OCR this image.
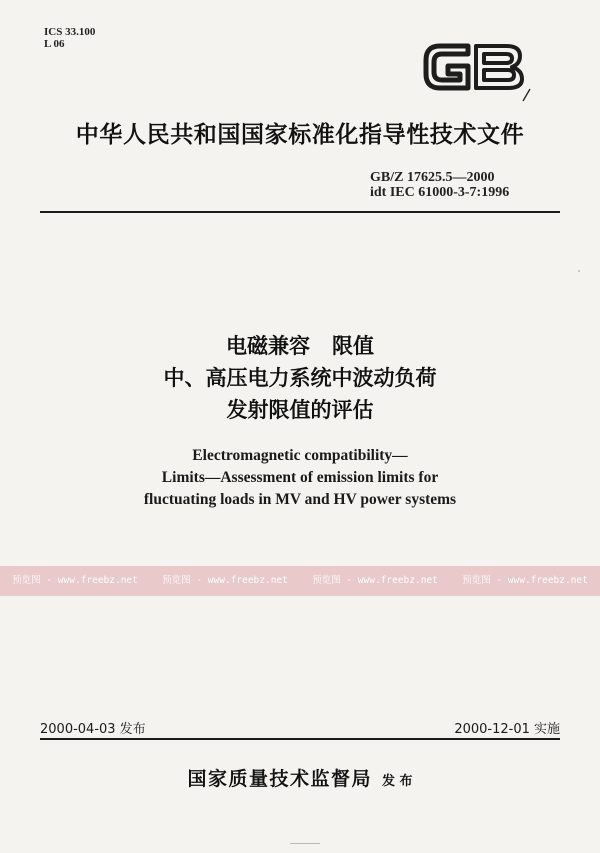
ICS 33.100
L 06
中华人民共和国国家标准化指导性技术文件
GB/Z 17625.5—2000
idt IEC 61000-3-7:1996
电磁兼容   限值
中、高压电力系统中波动负荷
发射限值的评估
Electromagnetic compatibility—
Limits—Assessment of emission limits for
fluctuating loads in MV and HV power systems
预览图 - www.freebz.net	预览图 - www.freebz.net	预览图 - www.freebz.net	预览图 - www.freebz.net
2000-04-03 发布	2000-12-01 实施
国家质量技术监督局 发 布
